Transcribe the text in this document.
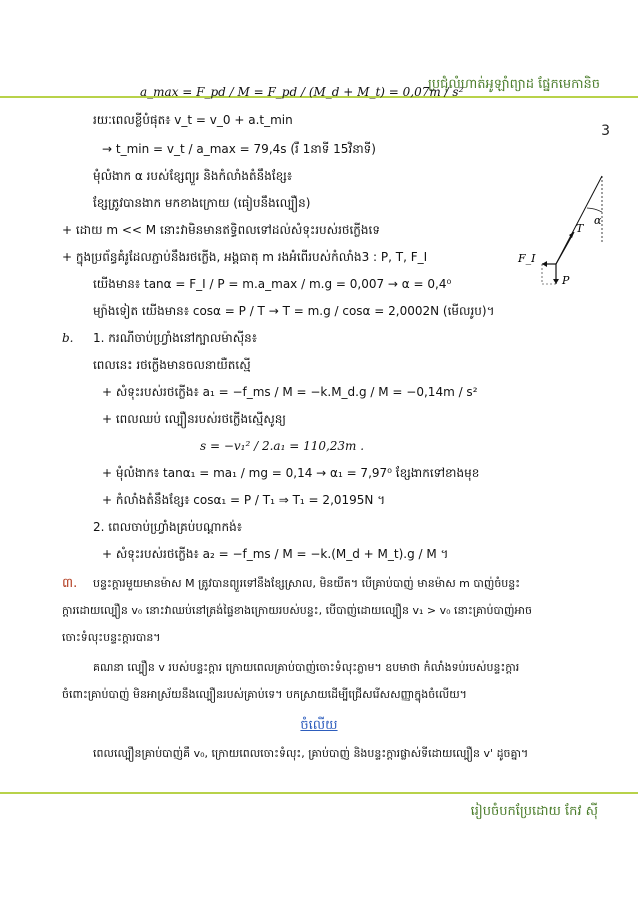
ប្រជុំលំហាត់អូឡាំព្យាដ ផ្នែកមេកានិច
3
a_max = F_pd / M = F_pd / (M_d + M_t) = 0,07m / s²
រយៈពេលខ្លីបំផុត៖ v_t = v_0 + a.t_min
→ t_min = v_t / a_max = 79,4s (រឺ 1នាទី 15វិនាទី)
មុំលំងាក α របស់ខ្សែព្យួរ និងកំលាំងតំនឹងខ្សែ៖
ខ្សែត្រូវបានងាក មកខាងក្រោយ (ធៀបនឹងល្បឿន)
+ ដោយ m << M នោះវាមិនមានឥទ្ធិពលទៅដល់សំទុះរបស់រថក្លើងទេ
+ ក្នុងប្រព័ន្ធគំរូដែលភ្ជាប់នឹងរថក្លើង, អង្គធាតុ m រងអំពើរបស់កំលាំង3 : P, T, F_I
យើងមាន៖ tanα = F_I / P = m.a_max / m.g = 0,007 → α = 0,4⁰
ម្យ៉ាងទៀត យើងមាន៖ cosα = P / T → T = m.g / cosα = 2,0002N (មើលរូប)។
b. 1. ករណីចាប់ហ្វ្រាំងនៅក្បាលម៉ាស៊ីន៖
ពេលនេះ រថក្លើងមានចលនាយឺតស្មើ
+ សំទុះរបស់រថក្លើង៖ a₁ = −f_ms / M = −k.M_d.g / M = −0,14m / s²
+ ពេលឈប់ ល្បឿនរបស់រថក្លើងស្មើសូន្យ
s = −v₁² / 2.a₁ = 110,23m .
+ មុំលំងាក៖ tanα₁ = ma₁ / mg = 0,14 → α₁ = 7,97⁰ ខ្សែងាកទៅខាងមុខ
+ កំលាំងតំនឹងខ្សែ៖ cosα₁ = P / T₁ ⇒ T₁ = 2,0195N ។
2. ពេលចាប់ហ្វ្រាំងគ្រប់បណ្ដាកង់៖
+ សំទុះរបស់រថក្លើង៖ a₂ = −f_ms / M = −k.(M_d + M_t).g / M ។
៣. បន្ទះក្ដារមួយមានម៉ាស M ត្រូវបានព្យួរទៅនឹងខ្សែស្រាល, មិនយឺត។ បើគ្រាប់បាញ់ មានម៉ាស m បាញ់ចំបន្ទះ
ក្ដារដោយល្បឿន v₀ នោះវាឈប់នៅត្រង់ផ្ទៃខាងក្រោយរបស់បន្ទះ, បើបាញ់ដោយល្បឿន v₁ > v₀ នោះគ្រាប់បាញ់អាច
ចោះទំលុះបន្ទះក្ដារបាន។
គណនា ល្បឿន v របស់បន្ទះក្ដារ ក្រោយពេលគ្រាប់បាញ់ចោះទំលុះភ្លាម។ ឧបមាថា កំលាំងទប់របស់បន្ទះក្ដារ
ចំពោះគ្រាប់បាញ់ មិនអាស្រ័យនឹងល្បឿនរបស់គ្រាប់ទេ។ បកស្រាយដើម្បីជ្រើសរើសសញ្ញាក្នុងចំលើយ។
ចំលើយ
ពេលល្បឿនគ្រាប់បាញ់គឺ v₀, ក្រោយពេលចោះទំលុះ, គ្រាប់បាញ់ និងបន្ទះក្ដារផ្លាស់ទីដោយល្បឿន v' ដូចគ្នា។
α
T
F_I
P
រៀបចំបកប្រែដោយ កែវ ស៊ី
